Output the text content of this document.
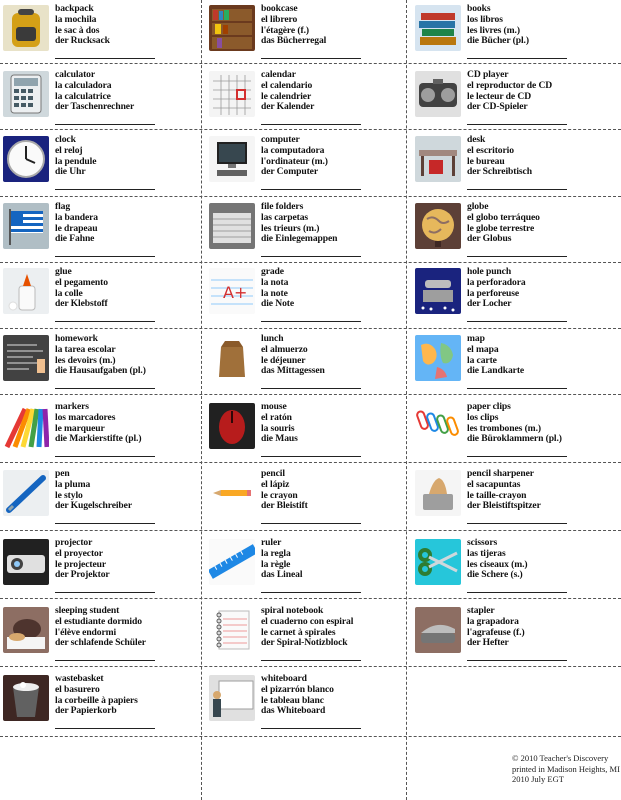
backpack
la mochila
le sac à dos
der Rucksack
bookcase
el librero
l'étagère (f.)
das Bücherregal
books
los libros
les livres (m.)
die Bücher (pl.)
calculator
la calculadora
la calculatrice
der Taschenrechner
calendar
el calendario
le calendrier
der Kalender
CD player
el reproductor de CD
le lecteur de CD
der CD-Spieler
clock
el reloj
la pendule
die Uhr
computer
la computadora
l'ordinateur (m.)
der Computer
desk
el escritorio
le bureau
der Schreibtisch
flag
la bandera
le drapeau
die Fahne
file folders
las carpetas
les trieurs (m.)
die Einlegemappen
globe
el globo terráqueo
le globe terrestre
der Globus
glue
el pegamento
la colle
der Klebstoff
A+
grade
la nota
la note
die Note
hole punch
la perforadora
la perforeuse
der Locher
homework
la tarea escolar
les devoirs (m.)
die Hausaufgaben (pl.)
lunch
el almuerzo
le déjeuner
das Mittagessen
map
el mapa
la carte
die Landkarte
markers
los marcadores
le marqueur
die Markierstifte (pl.)
mouse
el ratón
la souris
die Maus
paper clips
los clips
les trombones (m.)
die Büroklammern (pl.)
pen
la pluma
le stylo
der Kugelschreiber
pencil
el lápiz
le crayon
der Bleistift
pencil sharpener
el sacapuntas
le taille-crayon
der Bleistiftspitzer
projector
el proyector
le projecteur
der Projektor
ruler
la regla
la règle
das Lineal
scissors
las tijeras
les ciseaux (m.)
die Schere (s.)
sleeping student
el estudiante dormido
l'élève endormi
der schlafende Schüler
spiral notebook
el cuaderno con espiral
le carnet à spirales
der Spiral-Notizblock
stapler
la grapadora
l'agrafeuse (f.)
der Hefter
wastebasket
el basurero
la corbeille à papiers
der Papierkorb
whiteboard
el pizarrón blanco
le tableau blanc
das Whiteboard
© 2010 Teacher's Discovery
printed in Madison Heights, MI
2010 July EGT
